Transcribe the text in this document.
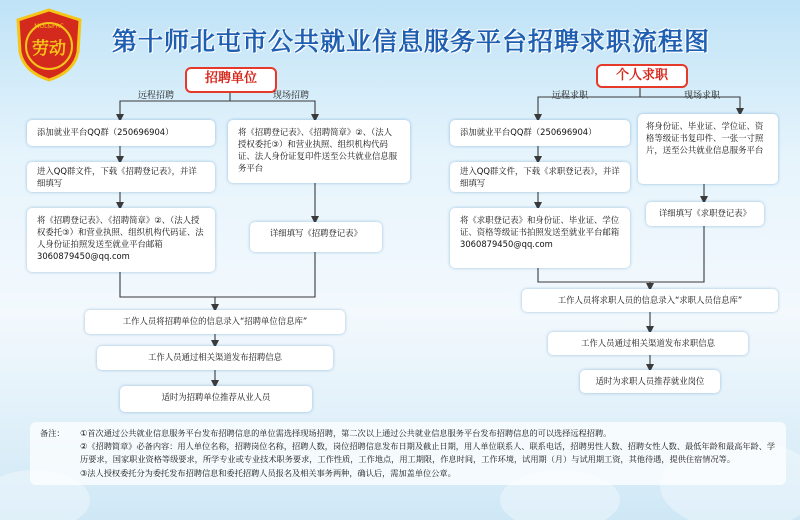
MOL&PRC
劳动 第十师北屯市公共就业信息服务平台招聘求职流程图
招聘单位
远程招聘	现场招聘
添加就业平台QQ群（250696904）
进入QQ群文件，下载《招聘登记表》，并详细填写
将《招聘登记表》、《招聘简章》②、（法人授权委托③）和营业执照、组织机构代码证、法人身份证拍照发送至就业平台邮箱3060879450@qq.com
将《招聘登记表》、《招聘简章》②、（法人授权委托③）和营业执照、组织机构代码证、法人身份证复印件送至公共就业信息服务平台
详细填写《招聘登记表》
工作人员将招聘单位的信息录入“招聘单位信息库”
工作人员通过相关渠道发布招聘信息
适时为招聘单位推荐从业人员
个人求职
远程求职	现场求职
添加就业平台QQ群（250696904）
进入QQ群文件，下载《求职登记表》，并详细填写
将《求职登记表》和身份证、毕业证、学位证、资格等级证书拍照发送至就业平台邮箱3060879450@qq.com
将身份证、毕业证、学位证、资格等级证书复印件、一张一寸照片，送至公共就业信息服务平台
详细填写《求职登记表》
工作人员将求职人员的信息录入“求职人员信息库”
工作人员通过相关渠道发布求职信息
适时为求职人员推荐就业岗位
备注：	①首次通过公共就业信息服务平台发布招聘信息的单位需选择现场招聘，第二次以上通过公共就业信息服务平台发布招聘信息的可以选择远程招聘。
②《招聘简章》必备内容：用人单位名称，招聘岗位名称，招聘人数，岗位招聘信息发布日期及截止日期，用人单位联系人、联系电话，招聘男性人数、招聘女性人数、最低年龄和最高年龄、学历要求，国家职业资格等级要求，所学专业或专业技术职务要求，工作性质，工作地点，用工期限，作息时间，工作环境，试用期（月）与试用期工资，其他待遇，提供住宿情况等。
③法人授权委托分为委托发布招聘信息和委托招聘人员报名及相关事务两种，确认后，需加盖单位公章。
